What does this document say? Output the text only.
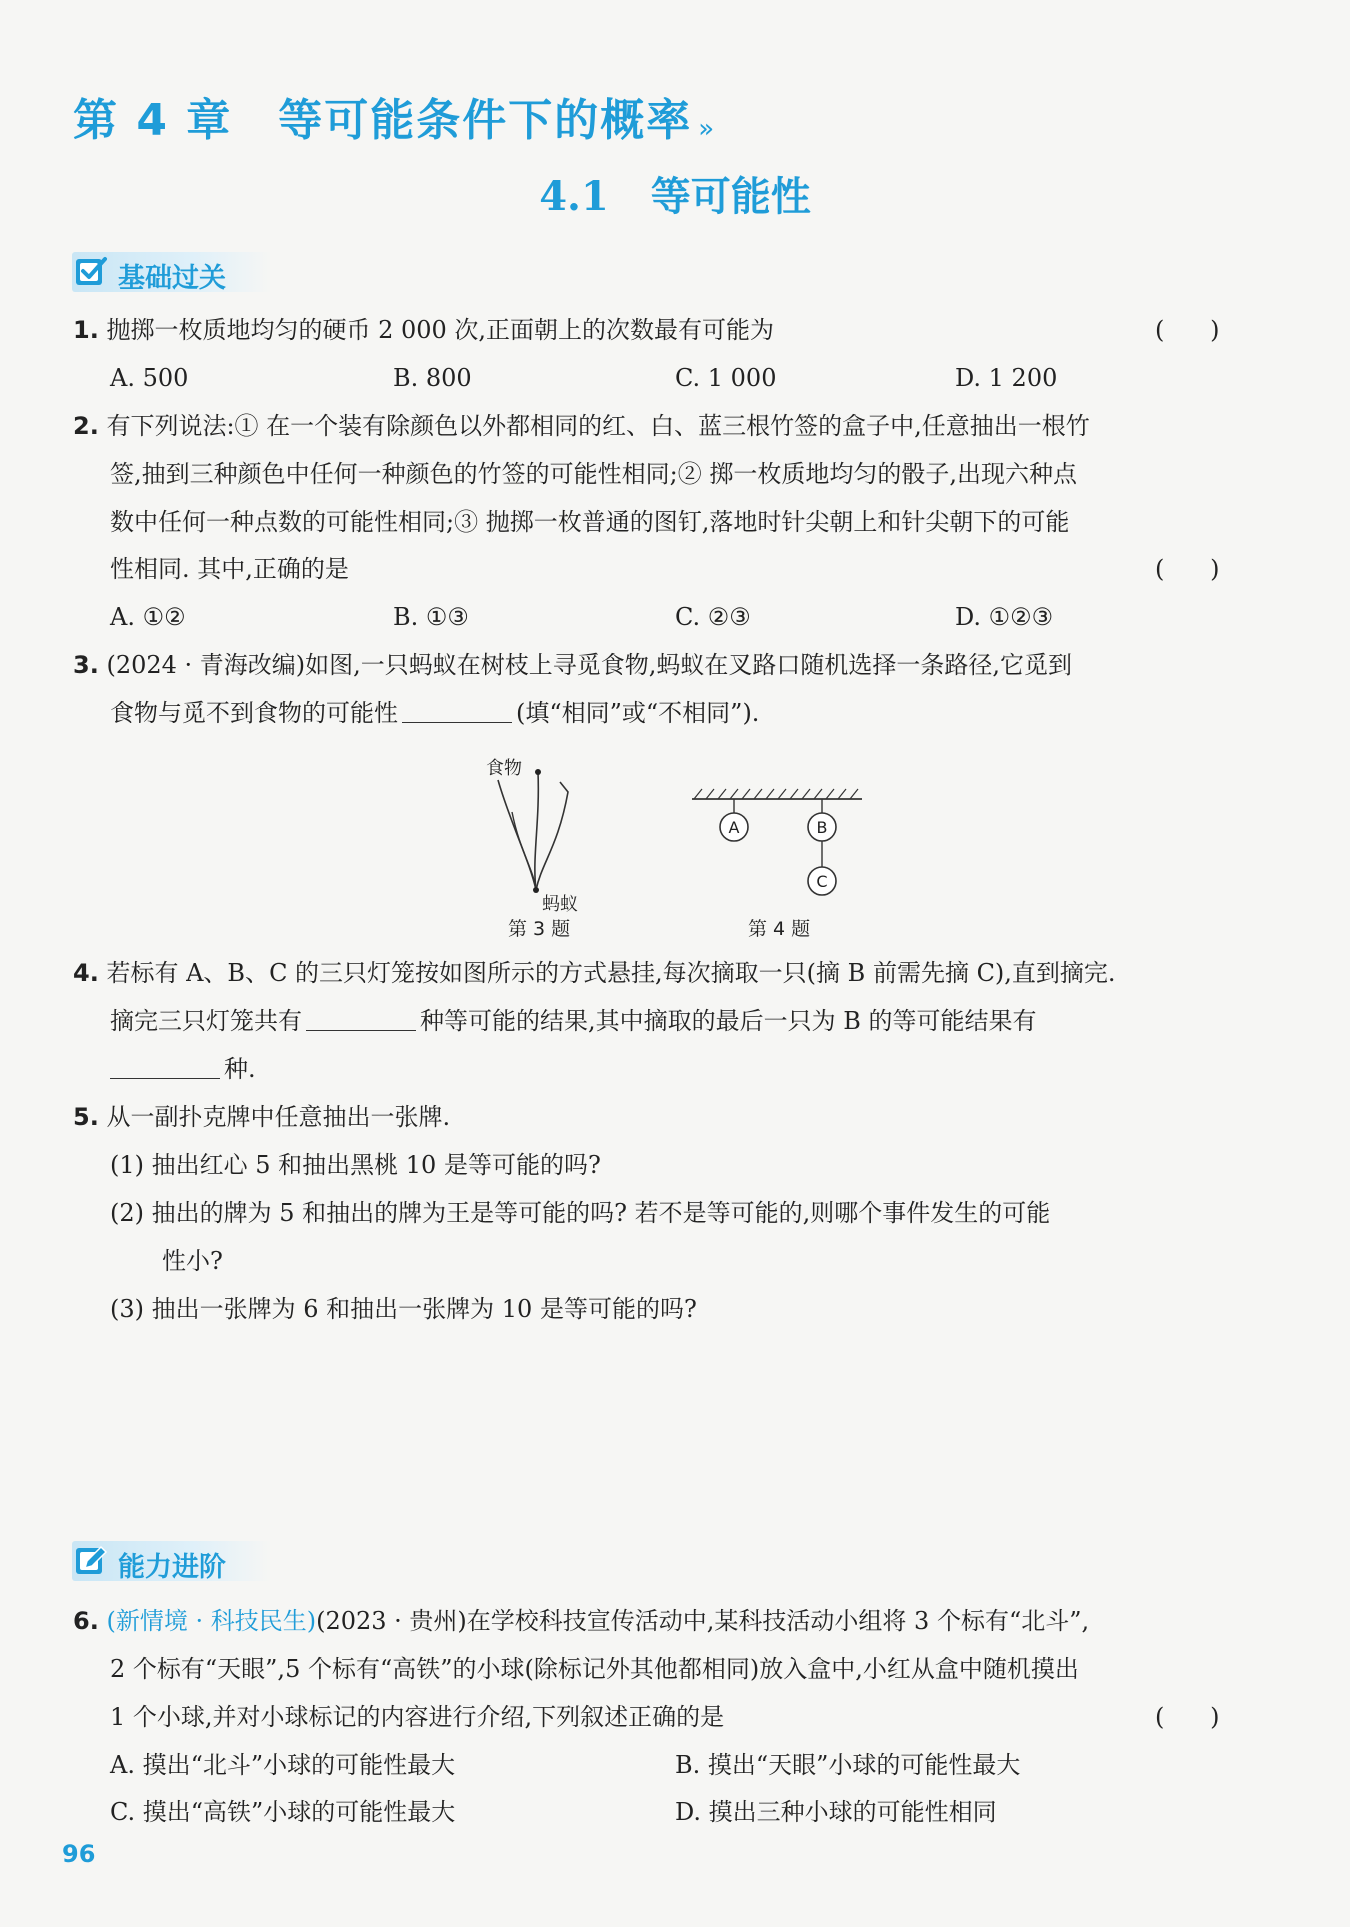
第 4 章 等可能条件下的概率 »
4.1 等可能性
基础过关
1. 抛掷一枚质地均匀的硬币 2 000 次,正面朝上的次数最有可能为	(      )
A. 500	B. 800	C. 1 000	D. 1 200
2. 有下列说法:① 在一个装有除颜色以外都相同的红、白、蓝三根竹签的盒子中,任意抽出一根竹
签,抽到三种颜色中任何一种颜色的竹签的可能性相同;② 掷一枚质地均匀的骰子,出现六种点
数中任何一种点数的可能性相同;③ 抛掷一枚普通的图钉,落地时针尖朝上和针尖朝下的可能
性相同. 其中,正确的是	(      )
A. ①②	B. ①③	C. ②③	D. ①②③
3. (2024 · 青海改编)如图,一只蚂蚁在树枝上寻觅食物,蚂蚁在叉路口随机选择一条路径,它觅到
食物与觅不到食物的可能性	(填“相同”或“不相同”).
食物
蚂蚁
第 3 题
A	B
C
第 4 题
4. 若标有 A、B、C 的三只灯笼按如图所示的方式悬挂,每次摘取一只(摘 B 前需先摘 C),直到摘完.
摘完三只灯笼共有	种等可能的结果,其中摘取的最后一只为 B 的等可能结果有
种.
5. 从一副扑克牌中任意抽出一张牌.
(1) 抽出红心 5 和抽出黑桃 10 是等可能的吗?
(2) 抽出的牌为 5 和抽出的牌为王是等可能的吗? 若不是等可能的,则哪个事件发生的可能
性小?
(3) 抽出一张牌为 6 和抽出一张牌为 10 是等可能的吗?
能力进阶
6. (新情境 · 科技民生)(2023 · 贵州)在学校科技宣传活动中,某科技活动小组将 3 个标有“北斗”,
2 个标有“天眼”,5 个标有“高铁”的小球(除标记外其他都相同)放入盒中,小红从盒中随机摸出
1 个小球,并对小球标记的内容进行介绍,下列叙述正确的是	(      )
A. 摸出“北斗”小球的可能性最大	B. 摸出“天眼”小球的可能性最大
C. 摸出“高铁”小球的可能性最大	D. 摸出三种小球的可能性相同
96
